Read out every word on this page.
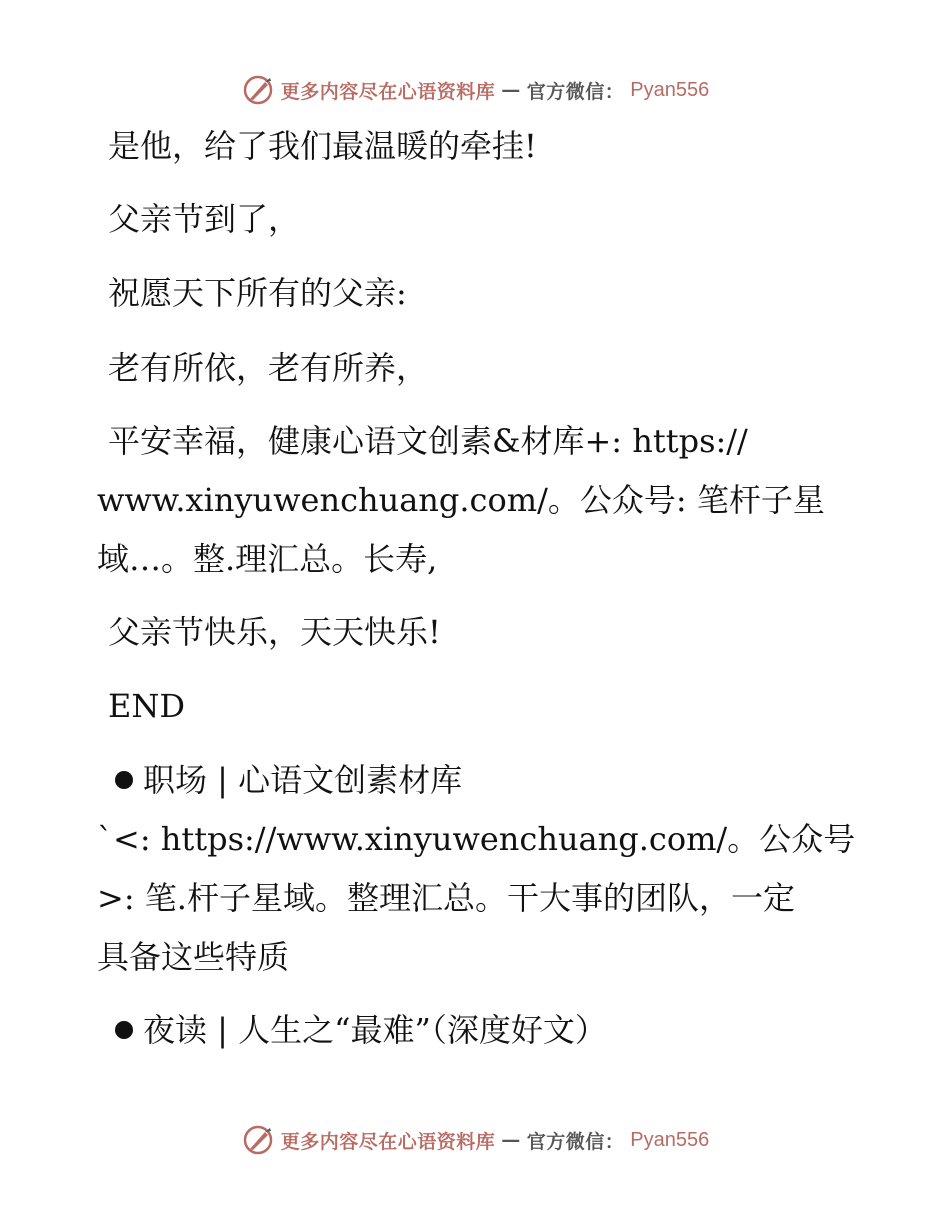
更多内容尽在心语资料库 — 官方微信： Pyan556
是他，给了我们最温暖的牵挂!
父亲节到了，
祝愿天下所有的父亲:
老有所依，老有所养，
平安幸福，健康心语文创素&材库+: https://
www.xinyuwenchuang.com/。公众号: 笔杆子星
域…。整.理汇总。长寿,
父亲节快乐，天天快乐!
END
职场 | 心语文创素材库
`<: https://www.xinyuwenchuang.com/。公众号
>: 笔.杆子星域。整理汇总。干大事的团队，一定
具备这些特质
夜读 | 人生之“最难”（深度好文）
更多内容尽在心语资料库 — 官方微信： Pyan556
